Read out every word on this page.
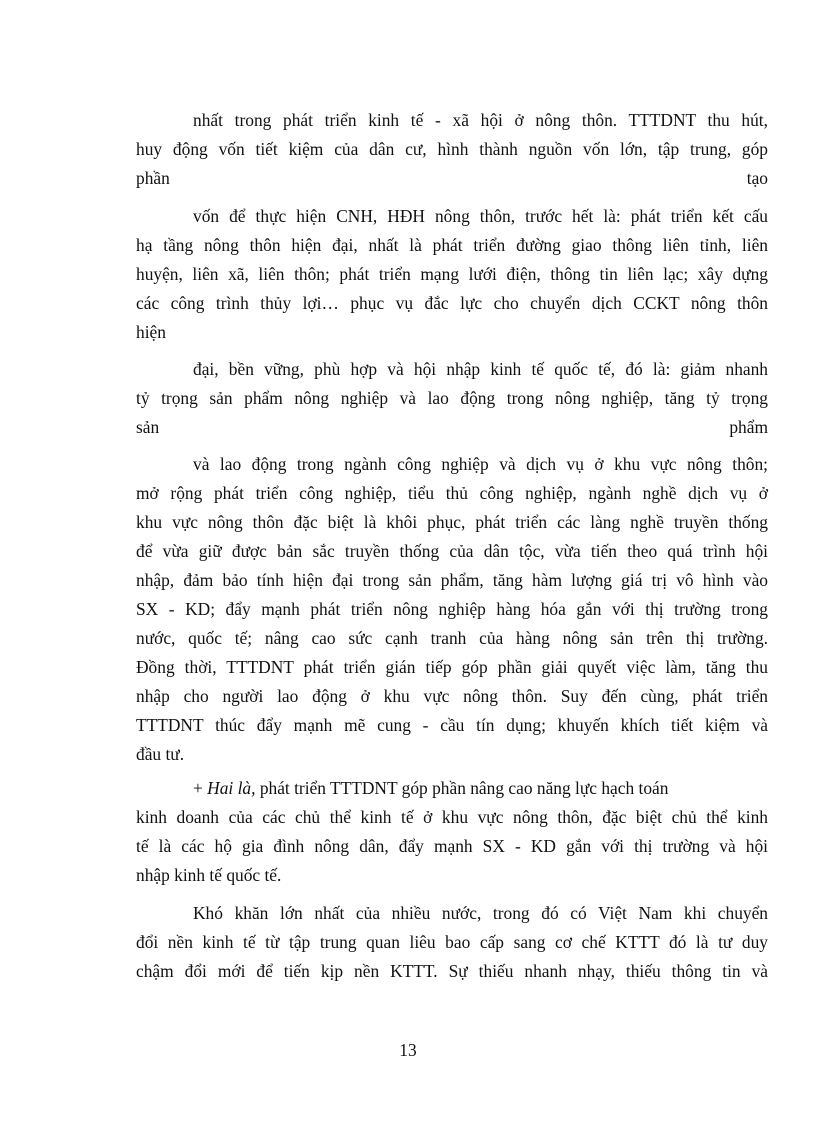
nhất trong phát triển kinh tế - xã hội ở nông thôn. TTTDNT thu hút,
huy động vốn tiết kiệm của dân cư, hình thành nguồn vốn lớn, tập trung, góp
phần	tạo
vốn để thực hiện CNH, HĐH nông thôn, trước hết là: phát triển kết cấu
hạ tầng nông thôn hiện đại, nhất là phát triển đường giao thông liên tỉnh, liên
huyện, liên xã, liên thôn; phát triển mạng lưới điện, thông tin liên lạc; xây dựng
các công trình thủy lợi… phục vụ đắc lực cho chuyển dịch CCKT nông thôn
hiện
đại, bền vững, phù hợp và hội nhập kinh tế quốc tế, đó là: giảm nhanh
tỷ trọng sản phẩm nông nghiệp và lao động trong nông nghiệp, tăng tỷ trọng
sản	phẩm
và lao động trong ngành công nghiệp và dịch vụ ở khu vực nông thôn;
mở rộng phát triển công nghiệp, tiểu thủ công nghiệp, ngành nghề dịch vụ ở
khu vực nông thôn đặc biệt là khôi phục, phát triển các làng nghề truyền thống
để vừa giữ được bản sắc truyền thống của dân tộc, vừa tiến theo quá trình hội
nhập, đảm bảo tính hiện đại trong sản phẩm, tăng hàm lượng giá trị vô hình vào
SX - KD; đẩy mạnh phát triển nông nghiệp hàng hóa gắn với thị trường trong
nước, quốc tế; nâng cao sức cạnh tranh của hàng nông sản trên thị trường.
Đồng thời, TTTDNT phát triển gián tiếp góp phần giải quyết việc làm, tăng thu
nhập cho người lao động ở khu vực nông thôn. Suy đến cùng, phát triển
TTTDNT thúc đẩy mạnh mẽ cung - cầu tín dụng; khuyến khích tiết kiệm và
đầu tư.
+ Hai là, phát triển TTTDNT góp phần nâng cao năng lực hạch toán
kinh doanh của các chủ thể kinh tế ở khu vực nông thôn, đặc biệt chủ thể kinh
tế là các hộ gia đình nông dân, đẩy mạnh SX - KD gắn với thị trường và hội
nhập kinh tế quốc tế.
Khó khăn lớn nhất của nhiều nước, trong đó có Việt Nam khi chuyển
đổi nền kinh tế từ tập trung quan liêu bao cấp sang cơ chế KTTT đó là tư duy
chậm đổi mới để tiến kịp nền KTTT. Sự thiếu nhanh nhạy, thiếu thông tin và
13
